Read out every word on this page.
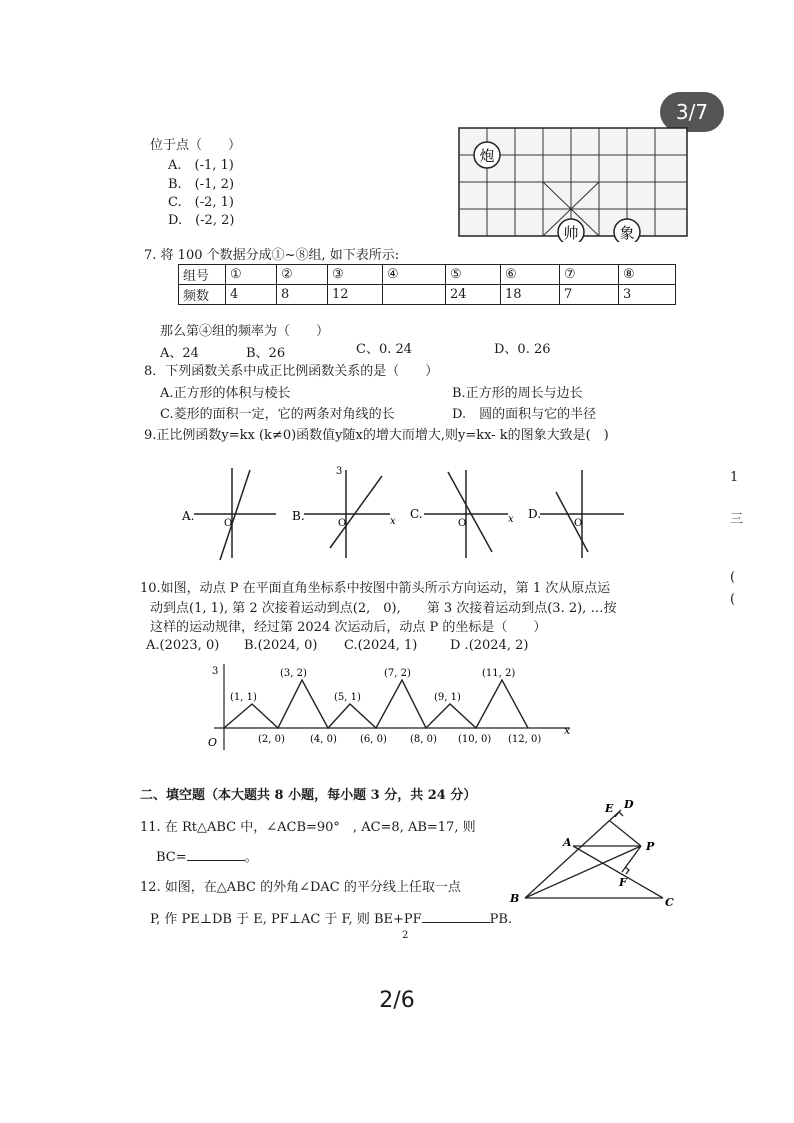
3/7
位于点（　　）
A.　(-1, 1)
B.　(-1, 2)
C.　(-2, 1)
D.　(-2, 2)
炮
帅	象
7. 将 100 个数据分成①~⑧组, 如下表所示:
组号	①	②	③	④	⑤	⑥	⑦	⑧
频数	4	8	12		24	18	7	3
那么第④组的频率为（　　）
A、24	B、26	C、0. 24	D、0. 26
8．下列函数关系中成正比例函数关系的是（　　）
A.正方形的体积与棱长	B.正方形的周长与边长
C.菱形的面积一定，它的两条对角线的长	D.　圆的面积与它的半径
9.正比例函数y=kx (k≠0)函数值y随x的增大而增大,则y=kx- k的图象大致是(　)
A.
O
B.
3
O	x
C.
O	x D.
O
1
三
(
(
10.如图，动点 P 在平面直角坐标系中按图中箭头所示方向运动，第 1 次从原点运
动到点(1, 1), 第 2 次接着运动到点(2,　0),　　第 3 次接着运动到点(3. 2), …按
这样的运动规律，经过第 2024 次运动后，动点 P 的坐标是（　　）
A.(2023, 0) B.(2024, 0) C.(2024, 1)	D .(2024, 2)
3
O
x
(1, 1)
(3, 2)
(5, 1)
(7, 2)
(9, 1)
(11, 2)
(2, 0)	(4, 0) (6, 0) (8, 0) (10, 0) (12, 0)
二、填空题（本大题共 8 小题，每小题 3 分，共 24 分）
11. 在 Rt△ABC 中，∠ACB=90°　, AC=8, AB=17, 则
BC=	。
12. 如图，在△ABC 的外角∠DAC 的平分线上任取一点
P, 作 PE⊥DB 于 E, PF⊥AC 于 F, 则 BE+PF	PB.
E D
A	P
F
B	C
2
2/6
